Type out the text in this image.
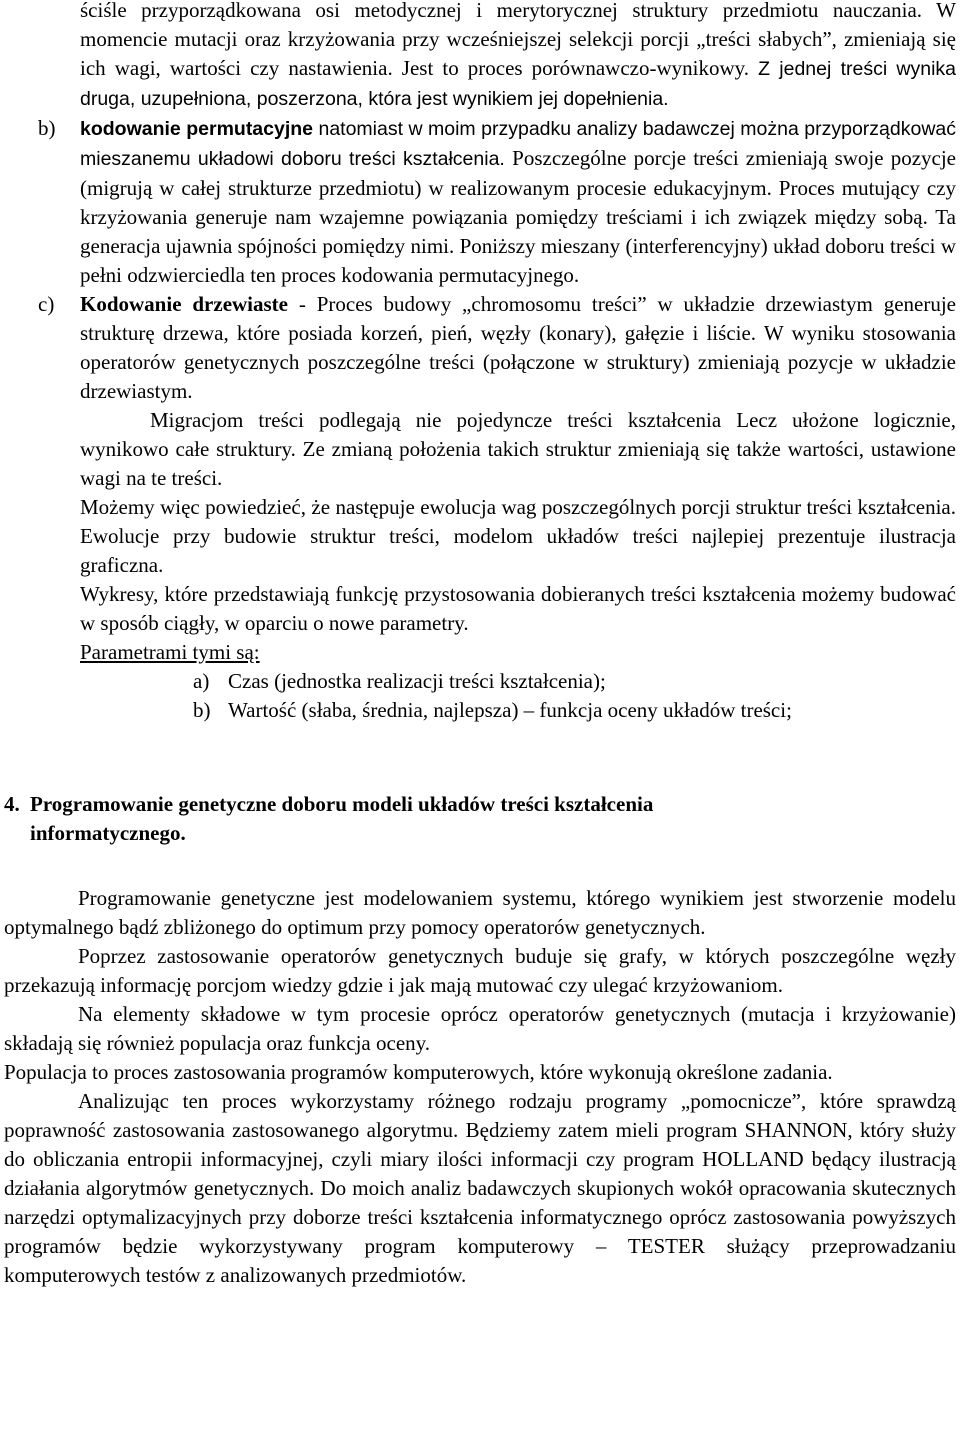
ściśle przyporządkowana osi metodycznej i merytorycznej struktury przedmiotu nauczania. W momencie mutacji oraz krzyżowania przy wcześniejszej selekcji porcji „treści słabych”, zmieniają się ich wagi, wartości czy nastawienia. Jest to proces porównawczo-wynikowy. Z jednej treści wynika druga, uzupełniona, poszerzona, która jest wynikiem jej dopełnienia.

b) kodowanie permutacyjne natomiast w moim przypadku analizy badawczej można przyporządkować mieszanemu układowi doboru treści kształcenia. Poszczególne porcje treści zmieniają swoje pozycje (migrują w całej strukturze przedmiotu) w realizowanym procesie edukacyjnym. Proces mutujący czy krzyżowania generuje nam wzajemne powiązania pomiędzy treściami i ich związek między sobą. Ta generacja ujawnia spójności pomiędzy nimi. Poniższy mieszany (interferencyjny) układ doboru treści w pełni odzwierciedla ten proces kodowania permutacyjnego.

c) Kodowanie drzewiaste - Proces budowy „chromosomu treści” w układzie drzewiastym generuje strukturę drzewa, które posiada korzeń, pień, węzły (konary), gałęzie i liście. W wyniku stosowania operatorów genetycznych poszczególne treści (połączone w struktury) zmieniają pozycje w układzie drzewiastym.

Migracjom treści podlegają nie pojedyncze treści kształcenia Lecz ułożone logicznie, wynikowo całe struktury. Ze zmianą położenia takich struktur zmieniają się także wartości, ustawione wagi na te treści.

Możemy więc powiedzieć, że następuje ewolucja wag poszczególnych porcji struktur treści kształcenia. Ewolucje przy budowie struktur treści, modelom układów treści najlepiej prezentuje ilustracja graficzna.

Wykresy, które przedstawiają funkcję przystosowania dobieranych treści kształcenia możemy budować w sposób ciągły, w oparciu o nowe parametry.

Parametrami tymi są:

a) Czas (jednostka realizacji treści kształcenia);
b) Wartość (słaba, średnia, najlepsza) – funkcja oceny układów treści;

4. Programowanie genetyczne doboru modeli układów treści kształcenia informatycznego.

Programowanie genetyczne jest modelowaniem systemu, którego wynikiem jest stworzenie modelu optymalnego bądź zbliżonego do optimum przy pomocy operatorów genetycznych.

Poprzez zastosowanie operatorów genetycznych buduje się grafy, w których poszczególne węzły przekazują informację porcjom wiedzy gdzie i jak mają mutować czy ulegać krzyżowaniom.

Na elementy składowe w tym procesie oprócz operatorów genetycznych (mutacja i krzyżowanie) składają się również populacja oraz funkcja oceny.

Populacja to proces zastosowania programów komputerowych, które wykonują określone zadania.

Analizując ten proces wykorzystamy różnego rodzaju programy „pomocnicze”, które sprawdzą poprawność zastosowania zastosowanego algorytmu. Będziemy zatem mieli program SHANNON, który służy do obliczania entropii informacyjnej, czyli miary ilości informacji czy program HOLLAND będący ilustracją działania algorytmów genetycznych. Do moich analiz badawczych skupionych wokół opracowania skutecznych narzędzi optymalizacyjnych przy doborze treści kształcenia informatycznego oprócz zastosowania powyższych programów będzie wykorzystywany program komputerowy – TESTER służący przeprowadzaniu komputerowych testów z analizowanych przedmiotów.
